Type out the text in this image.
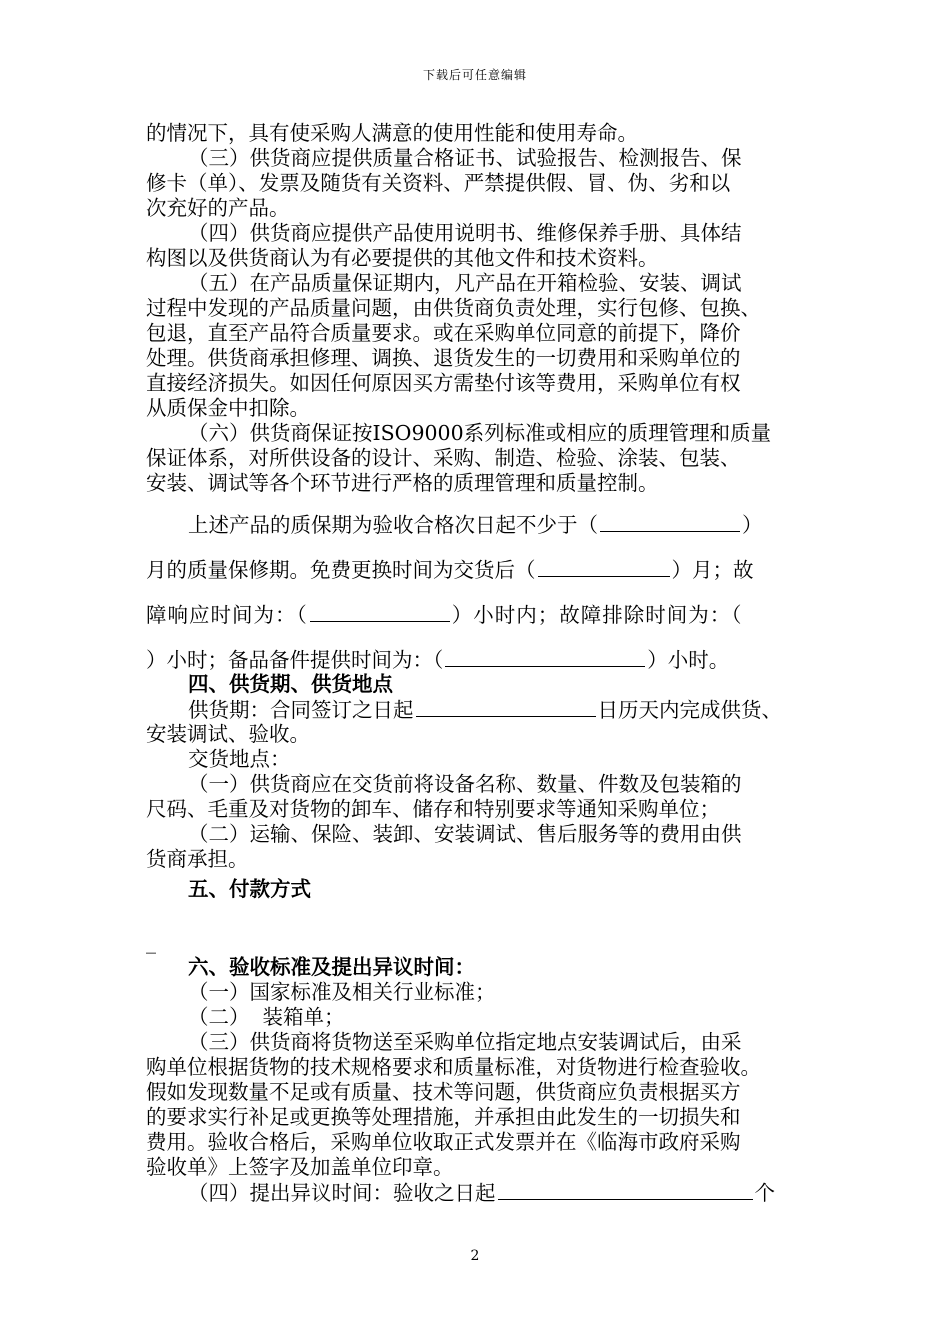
下载后可任意编辑
的情况下，具有使采购人满意的使用性能和使用寿命。
（三）供货商应提供质量合格证书、试验报告、检测报告、保
修卡（单）、发票及随货有关资料、严禁提供假、冒、伪、劣和以
次充好的产品。
（四）供货商应提供产品使用说明书、维修保养手册、具体结
构图以及供货商认为有必要提供的其他文件和技术资料。
（五）在产品质量保证期内，凡产品在开箱检验、安装、调试
过程中发现的产品质量问题，由供货商负责处理，实行包修、包换、
包退，直至产品符合质量要求。或在采购单位同意的前提下，降价
处理。供货商承担修理、调换、退货发生的一切费用和采购单位的
直接经济损失。如因任何原因买方需垫付该等费用，采购单位有权
从质保金中扣除。
（六）供货商保证按ISO9000系列标准或相应的质理管理和质量
保证体系，对所供设备的设计、采购、制造、检验、涂装、包装、
安装、调试等各个环节进行严格的质理管理和质量控制。
上述产品的质保期为验收合格次日起不少于（	）
月的质量保修期。免费更换时间为交货后（	）月；故
障响应时间为：（	）小时内；故障排除时间为：（
）小时；备品备件提供时间为：（	）小时。
四、供货期、供货地点
供货期：合同签订之日起	日历天内完成供货、
安装调试、验收。
交货地点：
（一）供货商应在交货前将设备名称、数量、件数及包装箱的
尺码、毛重及对货物的卸车、储存和特别要求等通知采购单位；
（二）运输、保险、装卸、安装调试、售后服务等的费用由供
货商承担。
五、付款方式
_
六、验收标准及提出异议时间：
（一）国家标准及相关行业标准；
（二）  装箱单；
（三）供货商将货物送至采购单位指定地点安装调试后，由采
购单位根据货物的技术规格要求和质量标准，对货物进行检查验收。
假如发现数量不足或有质量、技术等问题，供货商应负责根据买方
的要求实行补足或更换等处理措施，并承担由此发生的一切损失和
费用。验收合格后，采购单位收取正式发票并在《临海市政府采购
验收单》上签字及加盖单位印章。
（四）提出异议时间：验收之日起	个
2
